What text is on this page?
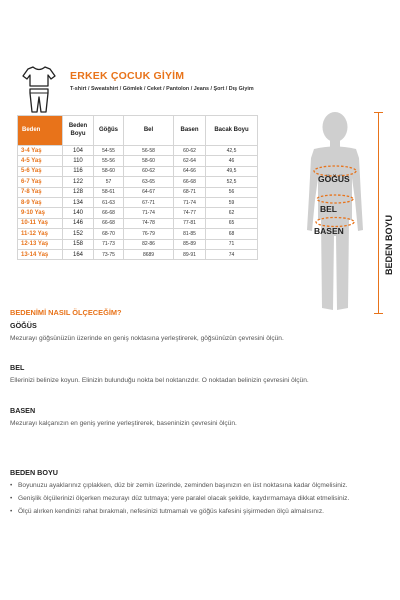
ERKEK ÇOCUK GİYİM
T-shirt / Sweatshirt / Gömlek / Ceket / Pantolon / Jeans / Şort / Dış Giyim
Beden	Beden Boyu	Göğüs	Bel	Basen	Bacak Boyu
3-4 Yaş	104	54-55	56-58	60-62	42,5
4-5 Yaş	110	55-56	58-60	62-64	46
5-6 Yaş	116	58-60	60-62	64-66	49,5
6-7 Yaş	122	57	63-65	66-68	52,5
7-8 Yaş	128	58-61	64-67	68-71	56
8-9 Yaş	134	61-63	67-71	71-74	59
9-10 Yaş	140	66-68	71-74	74-77	62
10-11 Yaş	146	66-68	74-78	77-81	65
11-12 Yaş	152	68-70	76-79	81-85	68
12-13 Yaş	158	71-73	82-86	85-89	71
13-14 Yaş	164	73-75	8689	89-91	74
GÖĞÜS
BEL
BASEN	BEDEN BOYU
BEDENİMİ NASIL ÖLÇECEĞİM?
GÖĞÜS
Mezurayı göğsünüzün üzerinde en geniş noktasına yerleştirerek, göğsünüzün çevresini ölçün.
BEL
Ellerinizi belinize koyun. Elinizin bulunduğu nokta bel noktanızdır. O noktadan belinizin çevresini ölçün.
BASEN
Mezurayı kalçanızın en geniş yerine yerleştirerek, baseninizin çevresini ölçün.
BEDEN BOYU
• Boyunuzu ayaklarınız çıplakken, düz bir zemin üzerinde, zeminden başınızın en üst noktasına kadar ölçmelisiniz.
• Genişlik ölçülerinizi ölçerken mezurayı düz tutmaya; yere paralel olacak şekilde, kaydırmamaya dikkat etmelisiniz.
• Ölçü alırken kendinizi rahat bırakmalı, nefesinizi tutmamalı ve göğüs kafesini şişirmeden ölçü almalısınız.
